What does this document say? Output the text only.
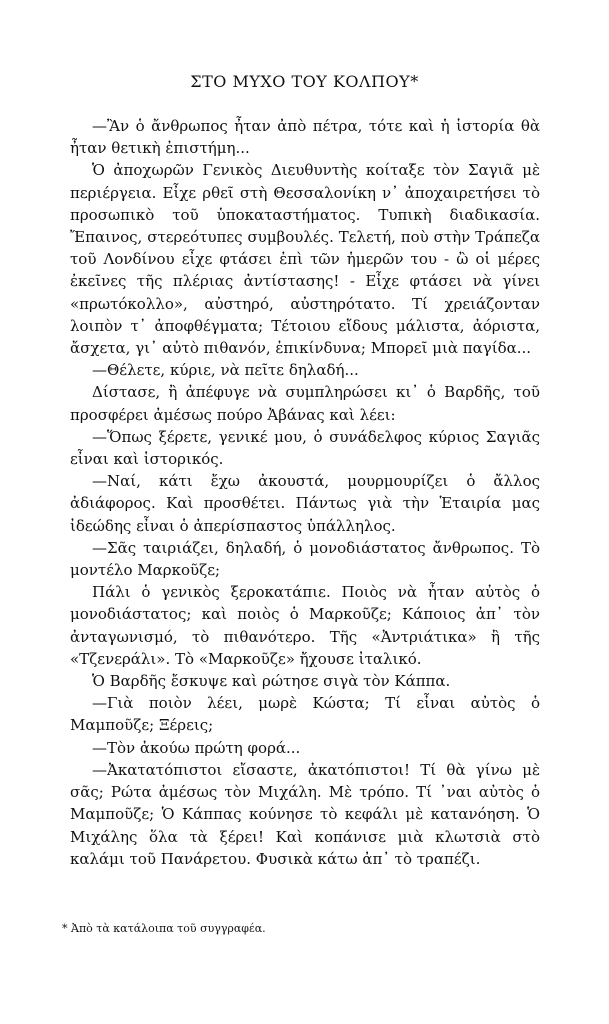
ΣΤΟ ΜΥΧΟ ΤΟΥ ΚΟΛΠΟΥ*

—Ἂν ὁ ἄνθρωπος ἦταν ἀπὸ πέτρα, τότε καὶ ἡ ἱστορία θὰ ἦταν θετικὴ ἐπιστήμη...

Ὁ ἀποχωρῶν Γενικὸς Διευθυντὴς κοίταξε τὸν Σαγιᾶ μὲ περιέργεια. Εἶχε ρθεῖ στὴ Θεσσαλονίκη ν᾽ ἀποχαιρετήσει τὸ προσωπικὸ τοῦ ὑποκαταστήματος. Τυπικὴ διαδικασία. Ἔπαινος, στερεότυπες συμβουλές. Τελετή, ποὺ στὴν Τράπεζα τοῦ Λονδίνου εἶχε φτάσει ἐπὶ τῶν ἡμερῶν του - ὢ οἱ μέρες ἐκεῖνες τῆς πλέριας ἀντίστασης! - Εἶχε φτάσει νὰ γίνει «πρωτόκολλο», αὐστηρό, αὐστηρότατο. Τί χρειάζονταν λοιπὸν τ᾽ ἀποφθέγματα; Τέτοιου εἴδους μάλιστα, ἀόριστα, ἄσχετα, γι᾽ αὐτὸ πιθανόν, ἐπικίνδυνα; Μπορεῖ μιὰ παγίδα...

—Θέλετε, κύριε, νὰ πεῖτε δηλαδή...

Δίστασε, ἢ ἀπέφυγε νὰ συμπληρώσει κι᾽ ὁ Βαρδῆς, τοῦ προσφέρει ἀμέσως πούρο Ἀβάνας καὶ λέει:

—Ὅπως ξέρετε, γενικέ μου, ὁ συνάδελφος κύριος Σαγιᾶς εἶναι καὶ ἱστορικός.

—Ναί, κάτι ἔχω ἀκουστά, μουρμουρίζει ὁ ἄλλος ἀδιάφορος. Καὶ προσθέτει. Πάντως γιὰ τὴν Ἑταιρία μας ἰδεώδης εἶναι ὁ ἀπερίσπαστος ὑπάλληλος.

—Σᾶς ταιριάζει, δηλαδή, ὁ μονοδιάστατος ἄνθρωπος. Τὸ μοντέλο Μαρκοῦζε;

Πάλι ὁ γενικὸς ξεροκατάπιε. Ποιὸς νὰ ἦταν αὐτὸς ὁ μονοδιάστατος; καὶ ποιὸς ὁ Μαρκοῦζε; Κάποιος ἀπ᾽ τὸν ἀνταγωνισμό, τὸ πιθανότερο. Τῆς «Ἀντριάτικα» ἢ τῆς «Τζενεράλι». Τὸ «Μαρκοῦζε» ἤχουσε ἰταλικό.

Ὁ Βαρδῆς ἔσκυψε καὶ ρώτησε σιγὰ τὸν Κάππα.

—Γιὰ ποιὸν λέει, μωρὲ Κώστα; Τί εἶναι αὐτὸς ὁ Μαμποῦζε; Ξέρεις;

—Τὸν ἀκούω πρώτη φορά...

—Ἀκατατόπιστοι εἴσαστε, ἀκατόπιστοι! Τί θὰ γίνω μὲ σᾶς; Ρώτα ἀμέσως τὸν Μιχάλη. Μὲ τρόπο. Τί ᾽ναι αὐτὸς ὁ Μαμποῦζε; Ὁ Κάππας κούνησε τὸ κεφάλι μὲ κατανόηση. Ὁ Μιχάλης ὅλα τὰ ξέρει! Καὶ κοπάνισε μιὰ κλωτσιὰ στὸ καλάμι τοῦ Πανάρετου. Φυσικὰ κάτω ἀπ᾽ τὸ τραπέζι.

* Ἀπὸ τὰ κατάλοιπα τοῦ συγγραφέα.
